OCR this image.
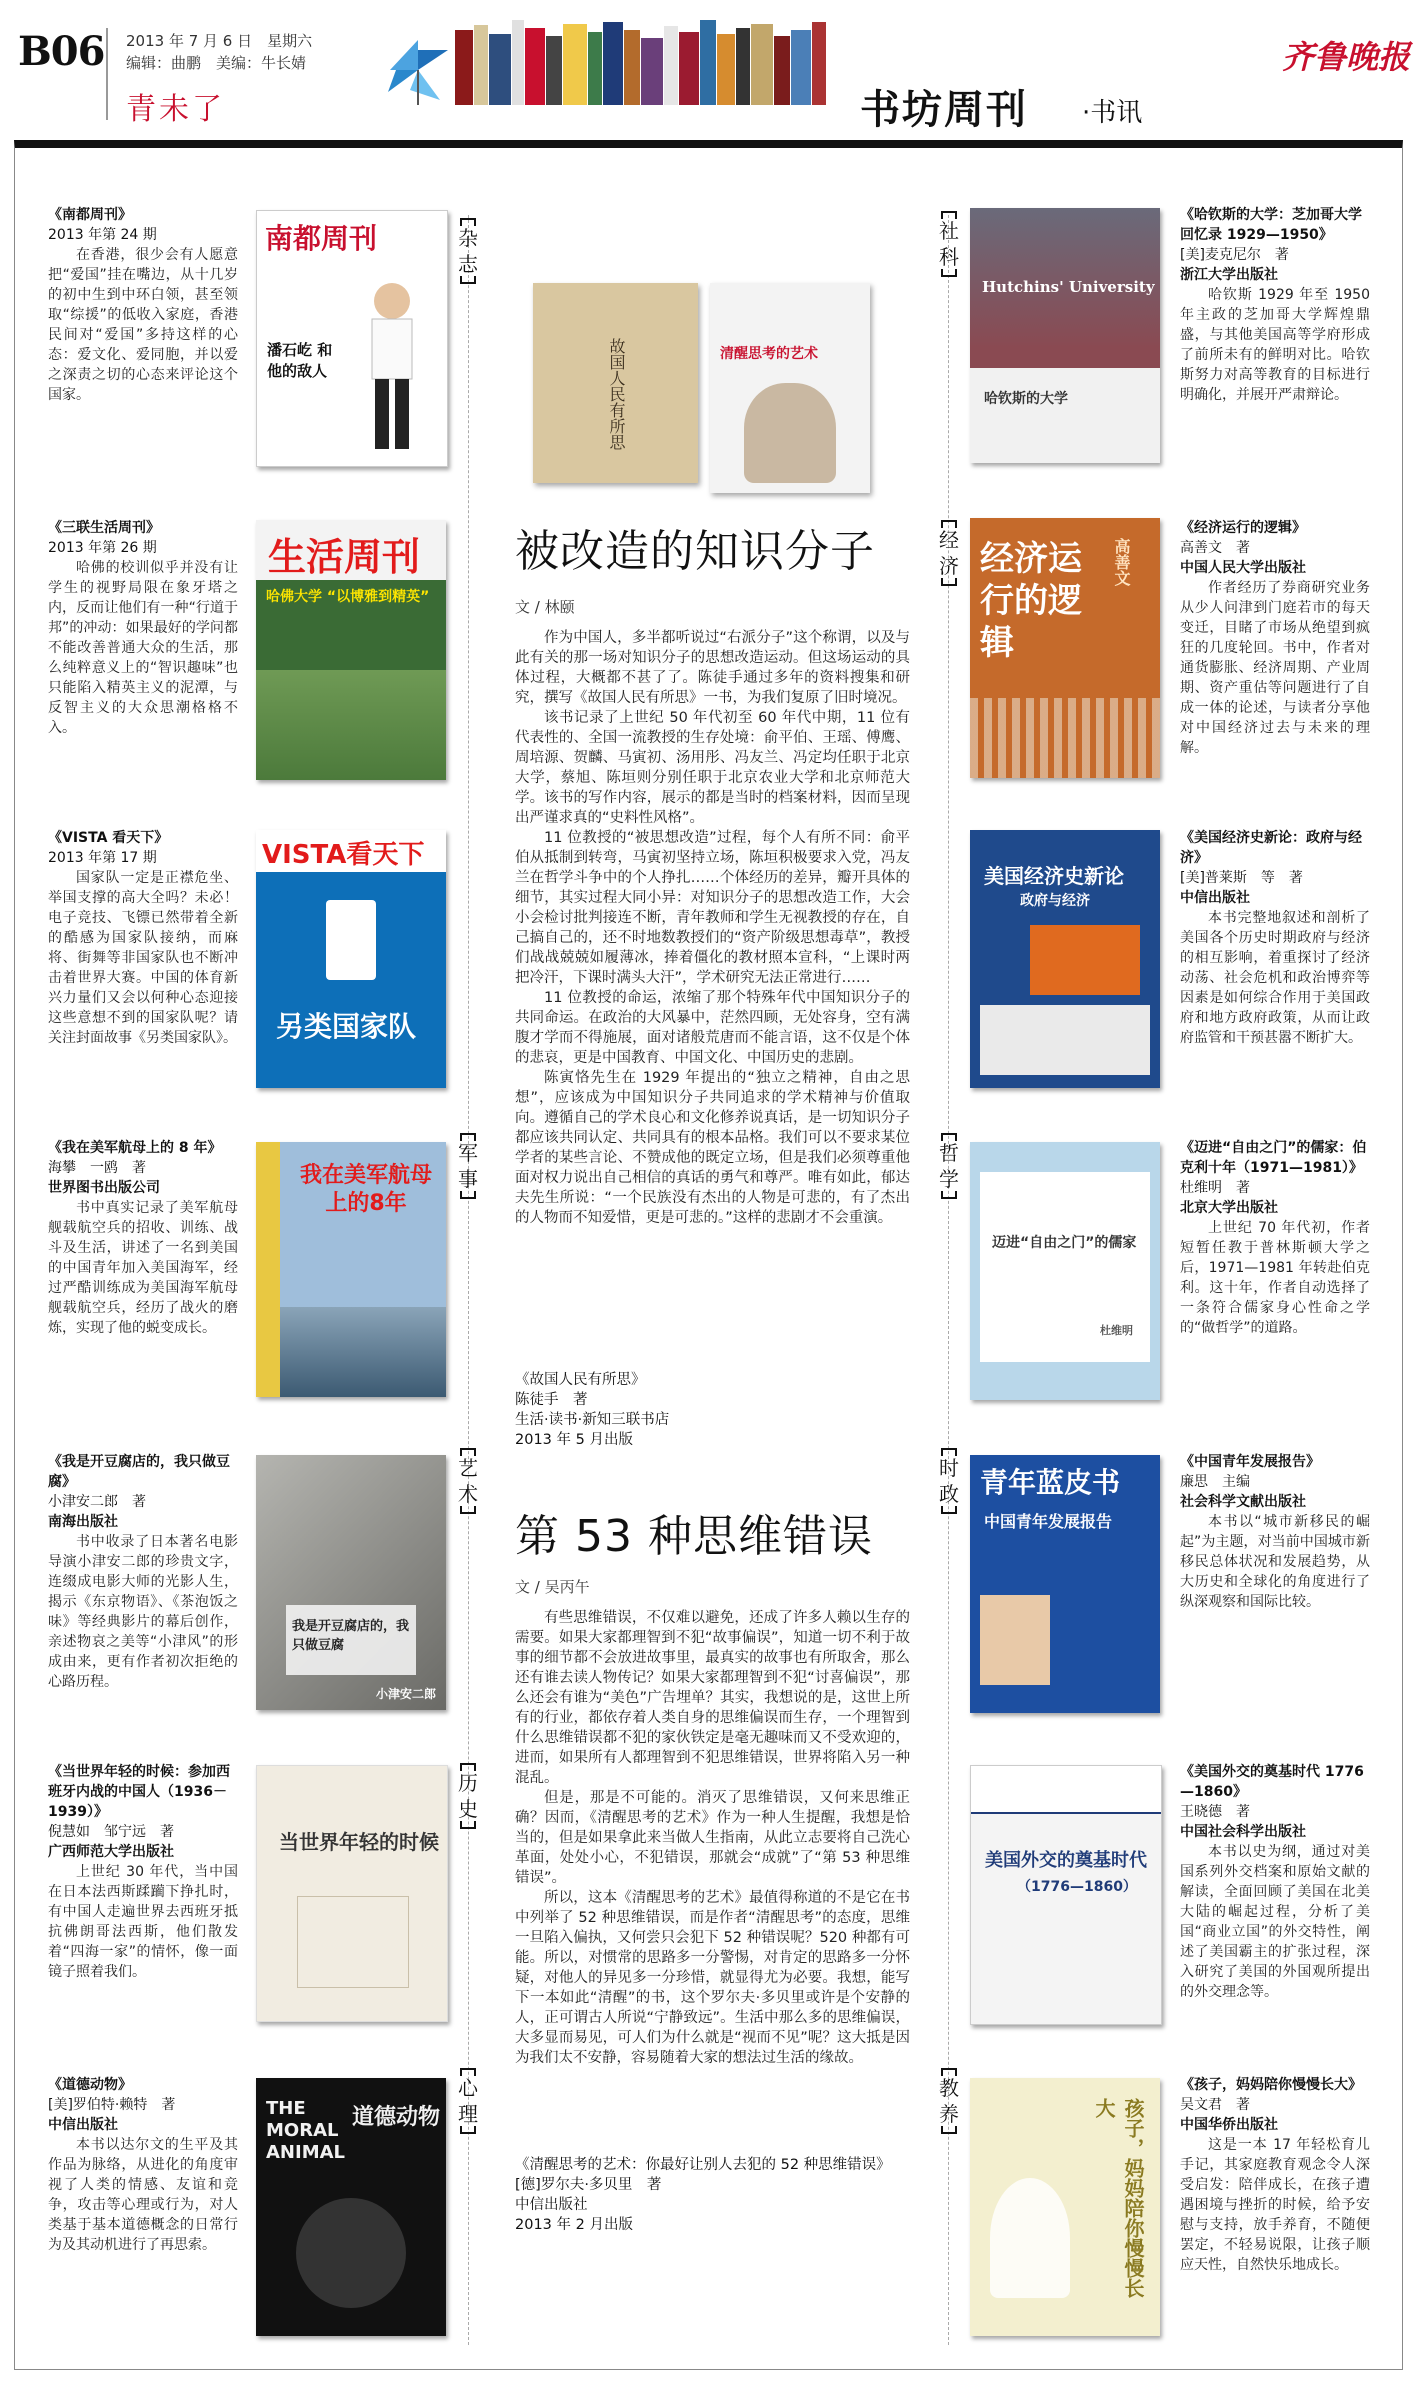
B06 2013 年 7 月 6 日　星期六
编辑：曲鹏　美编：牛长婧
青未了	书坊周刊 ·书讯
齐鲁晚报
杂志
军事
艺术
历史
心理
社科
经济
哲学
时政
教养
《南都周刊》
2013 年第 24 期
在香港，很少会有人愿意把“爱国”挂在嘴边，从十几岁的初中生到中环白领，甚至领取“综援”的低收入家庭，香港民间对“爱国”多持这样的心态：爱文化、爱同胞，并以爱之深责之切的心态来评论这个国家。
南都周刊
潘石屹 和他的敌人
《三联生活周刊》
2013 年第 26 期
哈佛的校训似乎并没有让学生的视野局限在象牙塔之内，反而让他们有一种“行道于邦”的冲动：如果最好的学问都不能改善普通大众的生活，那么纯粹意义上的“智识趣味”也只能陷入精英主义的泥潭，与反智主义的大众思潮格格不入。
生活周刊
哈佛大学 “以博雅到精英”
《VISTA 看天下》
2013 年第 17 期
国家队一定是正襟危坐、举国支撑的高大全吗？未必！电子竞技、飞镖已然带着全新的酷感为国家队接纳，而麻将、街舞等非国家队也不断冲击着世界大赛。中国的体育新兴力量们又会以何种心态迎接这些意想不到的国家队呢？请关注封面故事《另类国家队》。
VISTA看天下
另类国家队
《我在美军航母上的 8 年》
海攀　一鸥　著
世界图书出版公司
书中真实记录了美军航母舰载航空兵的招收、训练、战斗及生活，讲述了一名到美国的中国青年加入美国海军，经过严酷训练成为美国海军航母舰载航空兵，经历了战火的磨炼，实现了他的蜕变成长。
我在美军航母上的8年
《我是开豆腐店的，我只做豆腐》
小津安二郎　著
南海出版社
书中收录了日本著名电影导演小津安二郎的珍贵文字，连缀成电影大师的光影人生，揭示《东京物语》、《茶泡饭之味》等经典影片的幕后创作，亲述物哀之美等“小津风”的形成由来，更有作者初次拒绝的心路历程。
我是开豆腐店的，我只做豆腐
小津安二郎
《当世界年轻的时候：参加西班牙内战的中国人（1936－1939）》
倪慧如　邹宁远　著
广西师范大学出版社
上世纪 30 年代，当中国在日本法西斯蹂躏下挣扎时，有中国人走遍世界去西班牙抵抗佛朗哥法西斯，他们散发着“四海一家”的情怀，像一面镜子照着我们。
当世界年轻的时候
《道德动物》
[美]罗伯特·赖特　著
中信出版社
本书以达尔文的生平及其作品为脉络，从进化的角度审视了人类的情感、友谊和竞争，攻击等心理或行为，对人类基于基本道德概念的日常行为及其动机进行了再思索。
THE MORAL ANIMAL
道德动物
故国人民有所思	清醒思考的艺术
被改造的知识分子
文 / 林颐

作为中国人，多半都听说过“右派分子”这个称谓，以及与此有关的那一场对知识分子的思想改造运动。但这场运动的具体过程，大概都不甚了了。陈徒手通过多年的资料搜集和研究，撰写《故国人民有所思》一书，为我们复原了旧时境况。

该书记录了上世纪 50 年代初至 60 年代中期，11 位有代表性的、全国一流教授的生存处境：俞平伯、王瑶、傅鹰、周培源、贺麟、马寅初、汤用彤、冯友兰、冯定均任职于北京大学，蔡旭、陈垣则分别任职于北京农业大学和北京师范大学。该书的写作内容，展示的都是当时的档案材料，因而呈现出严谨求真的“史料性风格”。

11 位教授的“被思想改造”过程，每个人有所不同：俞平伯从抵制到转弯，马寅初坚持立场，陈垣积极要求入党，冯友兰在哲学斗争中的个人挣扎……个体经历的差异，瓣开具体的细节，其实过程大同小异：对知识分子的思想改造工作，大会小会检讨批判接连不断，青年教师和学生无视教授的存在，自己搞自己的，还不时地数教授们的“资产阶级思想毒草”，教授们战战兢兢如履薄冰，捧着僵化的教材照本宣科，“上课时两把冷汗，下课时满头大汗”，学术研究无法正常进行……

11 位教授的命运，浓缩了那个特殊年代中国知识分子的共同命运。在政治的大风暴中，茫然四顾，无处容身，空有满腹才学而不得施展，面对诸般荒唐而不能言语，这不仅是个体的悲哀，更是中国教育、中国文化、中国历史的悲剧。

陈寅恪先生在 1929 年提出的“独立之精神，自由之思想”，应该成为中国知识分子共同追求的学术精神与价值取向。遵循自己的学术良心和文化修养说真话，是一切知识分子都应该共同认定、共同具有的根本品格。我们可以不要求某位学者的某些言论、不赞成他的既定立场，但是我们必须尊重他面对权力说出自己相信的真话的勇气和尊严。唯有如此，郁达夫先生所说：“一个民族没有杰出的人物是可悲的，有了杰出的人物而不知爱惜，更是可悲的。”这样的悲剧才不会重演。

《故国人民有所思》
陈徒手　著
生活·读书·新知三联书店
2013 年 5 月出版
第 53 种思维错误
文 / 吴丙午

有些思维错误，不仅难以避免，还成了许多人赖以生存的需要。如果大家都理智到不犯“故事偏误”，知道一切不利于故事的细节都不会放进故事里，最真实的故事也有所取舍，那么还有谁去读人物传记？如果大家都理智到不犯“讨喜偏误”，那么还会有谁为“美色”广告埋单？其实，我想说的是，这世上所有的行业，都依存着人类自身的思维偏误而生存，一个理智到什么思维错误都不犯的家伙铁定是毫无趣味而又不受欢迎的，进而，如果所有人都理智到不犯思维错误，世界将陷入另一种混乱。

但是，那是不可能的。消灭了思维错误，又何来思维正确？因而，《清醒思考的艺术》作为一种人生提醒，我想是恰当的，但是如果拿此来当做人生指南，从此立志要将自己洗心革面，处处小心，不犯错误，那就会“成就”了“第 53 种思维错误”。

所以，这本《清醒思考的艺术》最值得称道的不是它在书中列举了 52 种思维错误，而是作者“清醒思考”的态度，思维一旦陷入偏执，又何尝只会犯下 52 种错误呢？520 种都有可能。所以，对惯常的思路多一分警惕，对肯定的思路多一分怀疑，对他人的异见多一分珍惜，就显得尤为必要。我想，能写下一本如此“清醒”的书，这个罗尔夫·多贝里或许是个安静的人，正可谓古人所说“宁静致远”。生活中那么多的思维偏误，大多显而易见，可人们为什么就是“视而不见”呢？这大抵是因为我们太不安静，容易随着大家的想法过生活的缘故。

《清醒思考的艺术：你最好让别人去犯的 52 种思维错误》
[德]罗尔夫·多贝里　著
中信出版社
2013 年 2 月出版
Hutchins' University
哈钦斯的大学
《哈钦斯的大学：芝加哥大学回忆录 1929—1950》
[美]麦克尼尔　著
浙江大学出版社
哈钦斯 1929 年至 1950 年主政的芝加哥大学辉煌鼎盛，与其他美国高等学府形成了前所未有的鲜明对比。哈钦斯努力对高等教育的目标进行明确化，并展开严肃辩论。
经济运行的逻辑
高善文
《经济运行的逻辑》
高善文　著
中国人民大学出版社
作者经历了券商研究业务从少人问津到门庭若市的每天变迁，目睹了市场从绝望到疯狂的几度轮回。书中，作者对通货膨胀、经济周期、产业周期、资产重估等问题进行了自成一体的论述，与读者分享他对中国经济过去与未来的理解。
美国经济史新论
政府与经济
《美国经济史新论：政府与经济》
[美]普莱斯　等　著
中信出版社
本书完整地叙述和剖析了美国各个历史时期政府与经济的相互影响，着重探讨了经济动荡、社会危机和政治博弈等因素是如何综合作用于美国政府和地方政府政策，从而让政府监管和干预甚嚣不断扩大。
迈进“自由之门”的儒家
杜维明
《迈进“自由之门”的儒家：伯克利十年（1971—1981）》
杜维明　著
北京大学出版社
上世纪 70 年代初，作者短暂任教于普林斯顿大学之后，1971—1981 年转赴伯克利。这十年，作者自动选择了一条符合儒家身心性命之学的“做哲学”的道路。
青年蓝皮书
中国青年发展报告
《中国青年发展报告》
廉思　主编
社会科学文献出版社
本书以“城市新移民的崛起”为主题，对当前中国城市新移民总体状况和发展趋势，从大历史和全球化的角度进行了纵深观察和国际比较。
美国外交的奠基时代
（1776—1860）
《美国外交的奠基时代 1776—1860》
王晓德　著
中国社会科学出版社
本书以史为纲，通过对美国系列外交档案和原始文献的解读，全面回顾了美国在北美大陆的崛起过程，分析了美国“商业立国”的外交特性，阐述了美国霸主的扩张过程，深入研究了美国的外国观所提出的外交理念等。
孩子，妈妈陪你慢慢长大
《孩子，妈妈陪你慢慢长大》
吴文君　著
中国华侨出版社
这是一本 17 年轻松育儿手记，其家庭教育观念令人深受启发：陪伴成长，在孩子遭遇困境与挫折的时候，给予安慰与支持，放手养育，不随便罢定，不轻易说限，让孩子顺应天性，自然快乐地成长。
